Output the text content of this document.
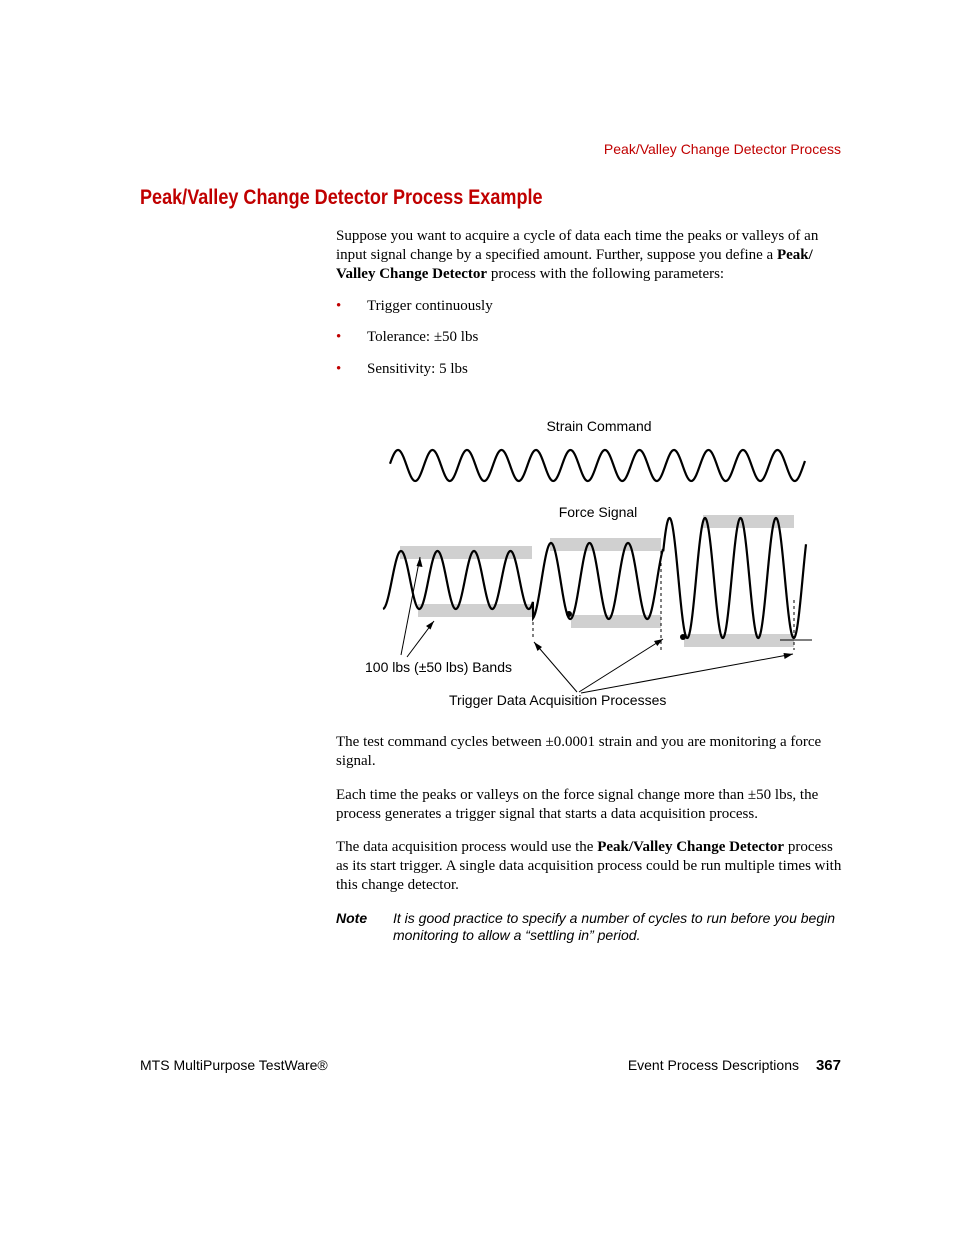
Peak/Valley Change Detector Process
Peak/Valley Change Detector Process Example

Suppose you want to acquire a cycle of data each time the peaks or valleys of an input signal change by a specified amount. Further, suppose you define a Peak/ Valley Change Detector process with the following parameters:

• Trigger continuously
• Tolerance: ±50 lbs
• Sensitivity: 5 lbs
Strain Command
Force Signal
100 lbs (±50 lbs) Bands
Trigger Data Acquisition Processes

The test command cycles between ±0.0001 strain and you are monitoring a force signal.

Each time the peaks or valleys on the force signal change more than ±50 lbs, the process generates a trigger signal that starts a data acquisition process.

The data acquisition process would use the Peak/Valley Change Detector process as its start trigger. A single data acquisition process could be run multiple times with this change detector.

Note It is good practice to specify a number of cycles to run before you begin monitoring to allow a “settling in” period.

MTS MultiPurpose TestWare®	Event Process Descriptions 367
